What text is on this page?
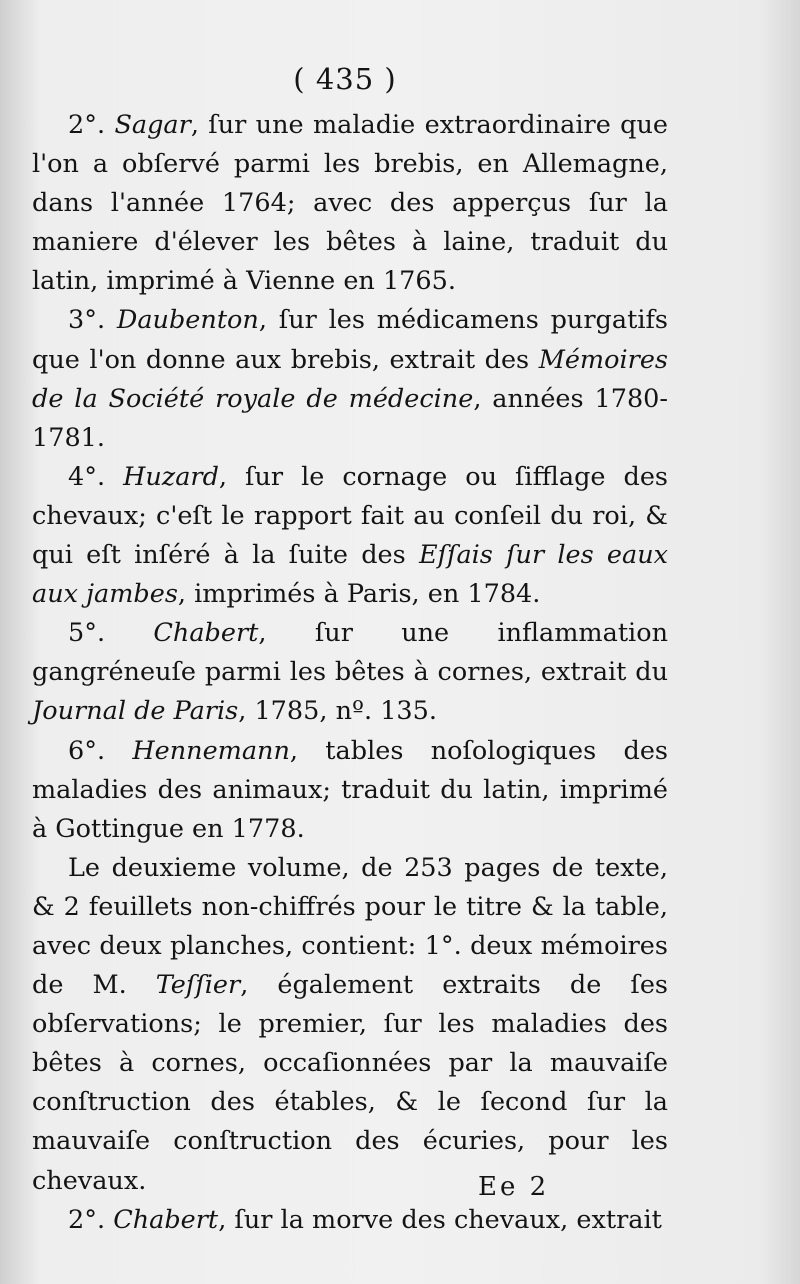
( 435 )

2°. Sagar, ſur une maladie extraordinaire que l'on a obſervé parmi les brebis, en Allemagne, dans l'année 1764; avec des apperçus ſur la maniere d'élever les bêtes à laine, traduit du latin, imprimé à Vienne en 1765.

3°. Daubenton, ſur les médicamens purgatifs que l'on donne aux brebis, extrait des Mémoires de la Société royale de médecine, années 1780-1781.

4°. Huzard, ſur le cornage ou ſifflage des chevaux; c'eſt le rapport fait au conſeil du roi, & qui eſt inſéré à la ſuite des Eſſais ſur les eaux aux jambes, imprimés à Paris, en 1784.

5°. Chabert, ſur une inflammation gangréneuſe parmi les bêtes à cornes, extrait du Journal de Paris, 1785, nº. 135.

6°. Hennemann, tables noſologiques des maladies des animaux; traduit du latin, imprimé à Gottingue en 1778.

Le deuxieme volume, de 253 pages de texte, & 2 feuillets non-chiffrés pour le titre & la table, avec deux planches, contient: 1°. deux mémoires de M. Teſſier, également extraits de ſes obſervations; le premier, ſur les maladies des bêtes à cornes, occaſionnées par la mauvaiſe conſtruction des étables, & le ſecond ſur la mauvaiſe conſtruction des écuries, pour les chevaux.

2°. Chabert, ſur la morve des chevaux, extrait

Ee 2
